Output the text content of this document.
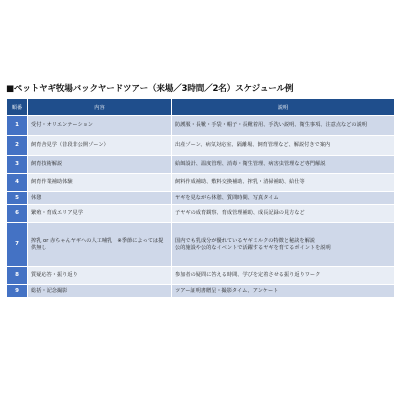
■ペットヤギ牧場バックヤードツアー（来場／3時間／2名）スケジュール例
順番	内容	説明
1	受付・オリエンテーション	防護服・長靴・手袋・帽子・長靴着用、手洗い説明、衛生事項、注意点などの説明
2	飼育舎見学（昔段非公開ゾーン）	出産ゾーン、病気対応室、隔離場、飼育管理など、解説付きで案内
3	飼育技術解説	給餌設計、温度管理、消毒・衛生管理、病害虫管理など専門解説
4	飼育作業補助体験	飼料作成補助、敷料交換補助、搾乳・清掃補助、給仕等
5	休憩	ヤギを見ながら休憩、質問時間、写真タイム
6	繁殖・育成エリア見学	子ヤギの成育観察、育成管理補助、成長記録の見方など
7	搾乳 or 赤ちゃんヤギへの人工哺乳　※季節によっては提供無し	国内でも乳成分が優れているヤギミルクの特徴と秘訣を解説
公的施設や公的なイベントで活躍するヤギを育てるポイントを説明
8	質疑応答・振り返り	参加者の疑問に答える時間、学びを定着させる振り返りワーク
9	総括・記念撮影	ツアー証明書贈呈・撮影タイム、アンケート
